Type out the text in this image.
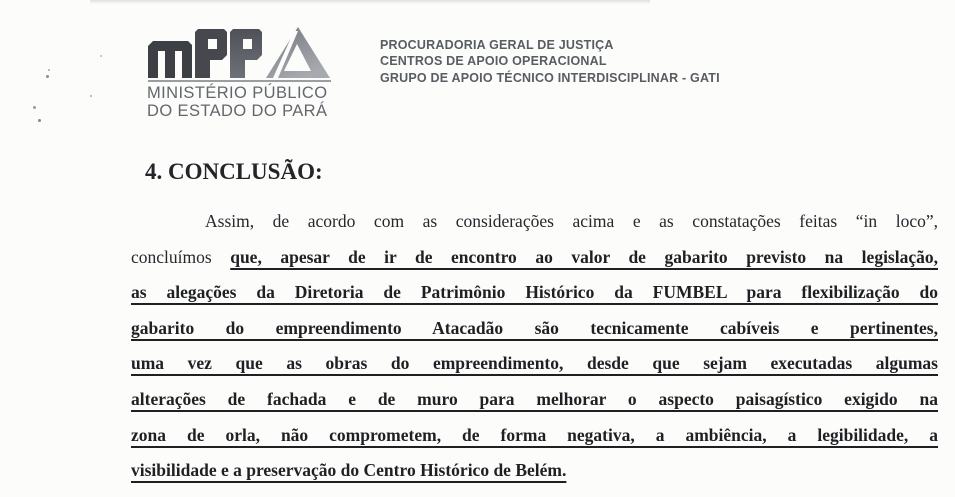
MINISTÉRIO PÚBLICO
DO ESTADO DO PARÁ
PROCURADORIA GERAL DE JUSTIÇA
CENTROS DE APOIO OPERACIONAL
GRUPO DE APOIO TÉCNICO INTERDISCIPLINAR - GATI
4. CONCLUSÃO:
Assim, de acordo com as considerações acima e as constatações feitas “in loco”,
concluímos que, apesar de ir de encontro ao valor de gabarito previsto na legislação,
as alegações da Diretoria de Patrimônio Histórico da FUMBEL para flexibilização do
gabarito do empreendimento Atacadão são tecnicamente cabíveis e pertinentes,
uma vez que as obras do empreendimento, desde que sejam executadas algumas
alterações de fachada e de muro para melhorar o aspecto paisagístico exigido na
zona de orla, não comprometem, de forma negativa, a ambiência, a legibilidade, a
visibilidade e a preservação do Centro Histórico de Belém.
